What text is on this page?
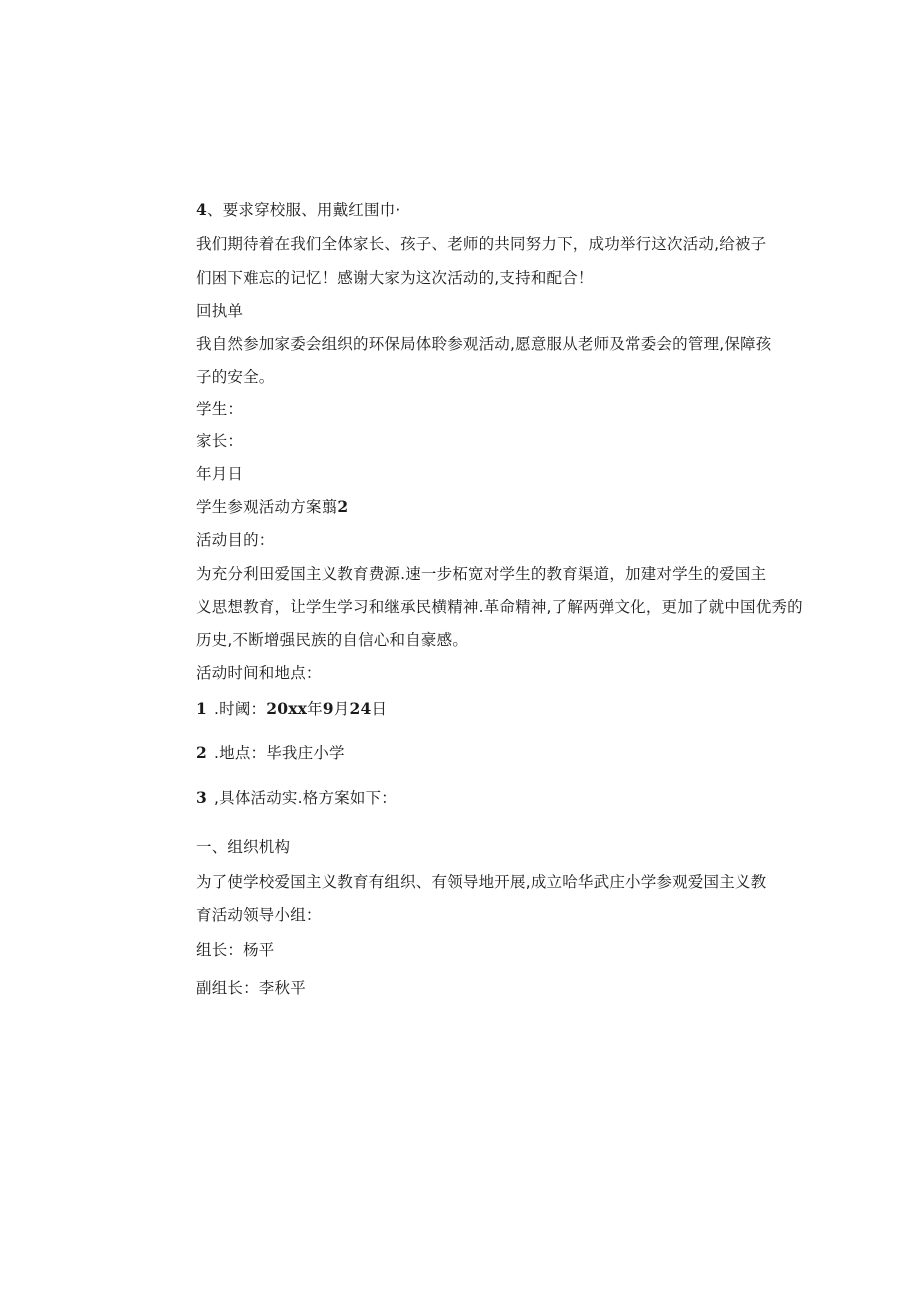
4、要求穿校服、用戴红围巾·
我们期待着在我们全体家长、孩子、老师的共同努力下，成功举行这次活动,给被子
们困下难忘的记忆！感谢大家为这次活动的,支持和配合！
回执单
我自然参加家委会组织的环保局体聆参观活动,愿意服从老师及常委会的管理,保障孩
子的安全。
学生：
家长：
年月日
学生参观活动方案翦2
活动目的：
为充分利田爱国主义教育费源.速一步柘宽对学生的教育渠道，加建对学生的爱国主
义思想教育，让学生学习和继承民横精神.革命精神,了解两弹文化，更加了就中国优秀的
历史,不断增强民族的自信心和自豪感。
活动时间和地点：
1 .时阈：20xx年9月24日
2 .地点：毕我庄小学
3 ,具体活动实.格方案如下：
一、组织机构
为了使学校爱国主义教育有组织、有领导地开展,成立哈华武庄小学参观爱国主义教
育活动领导小组：
组长：杨平
副组长：李秋平
